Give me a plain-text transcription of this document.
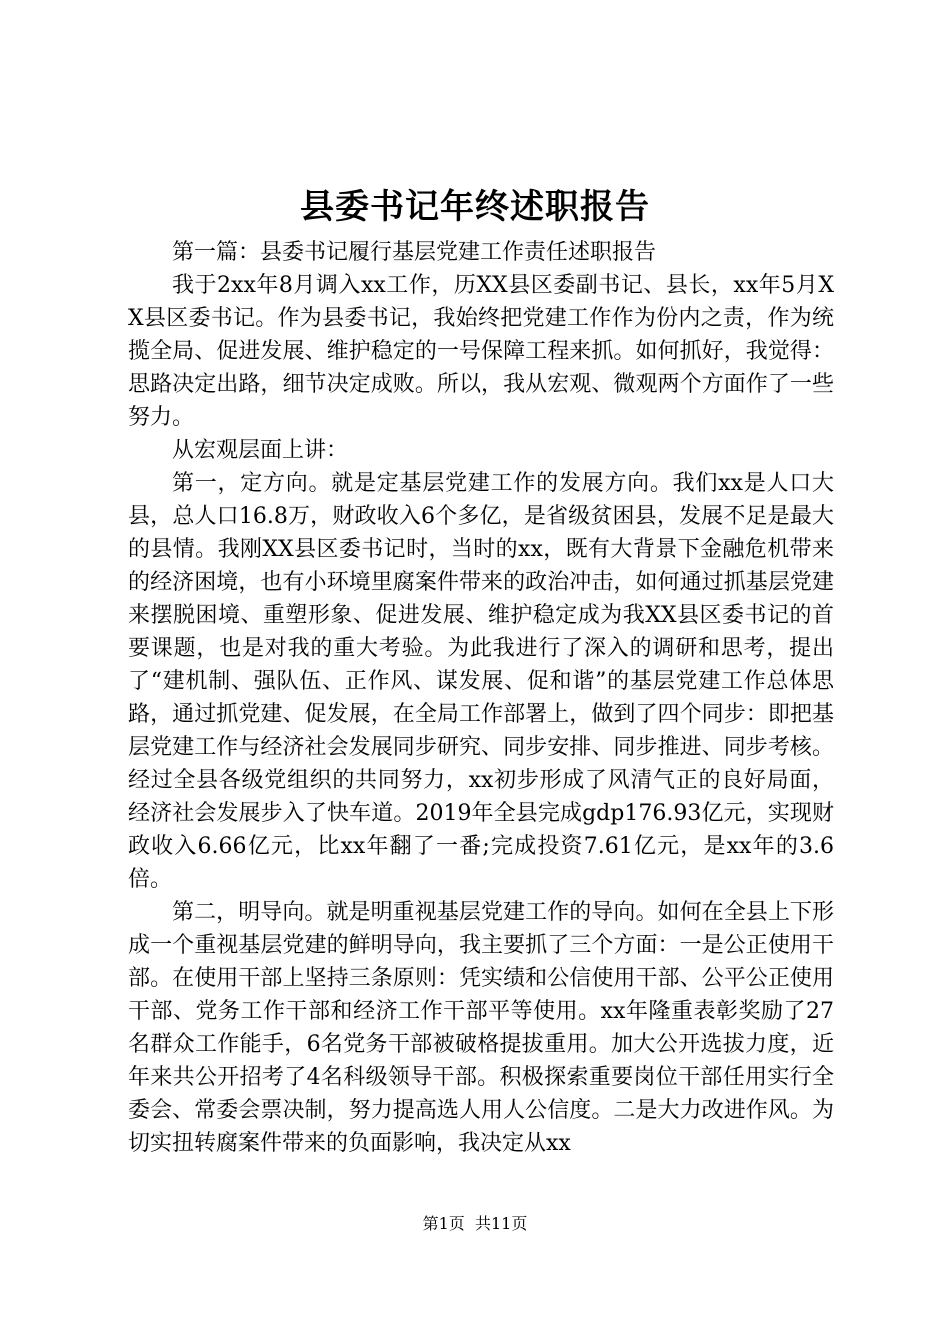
县委书记年终述职报告

第一篇：县委书记履行基层党建工作责任述职报告

我于2xx年8月调入xx工作，历XX县区委副书记、县长，xx年5月XX县区委书记。作为县委书记，我始终把党建工作作为份内之责，作为统揽全局、促进发展、维护稳定的一号保障工程来抓。如何抓好，我觉得：思路决定出路，细节决定成败。所以，我从宏观、微观两个方面作了一些努力。

从宏观层面上讲：

第一，定方向。就是定基层党建工作的发展方向。我们xx是人口大县，总人口16.8万，财政收入6个多亿，是省级贫困县，发展不足是最大的县情。我刚XX县区委书记时，当时的xx，既有大背景下金融危机带来的经济困境，也有小环境里腐案件带来的政治冲击，如何通过抓基层党建来摆脱困境、重塑形象、促进发展、维护稳定成为我XX县区委书记的首要课题，也是对我的重大考验。为此我进行了深入的调研和思考，提出了“建机制、强队伍、正作风、谋发展、促和谐”的基层党建工作总体思路，通过抓党建、促发展，在全局工作部署上，做到了四个同步：即把基层党建工作与经济社会发展同步研究、同步安排、同步推进、同步考核。经过全县各级党组织的共同努力，xx初步形成了风清气正的良好局面，经济社会发展步入了快车道。2019年全县完成gdp176.93亿元，实现财政收入6.66亿元，比xx年翻了一番;完成投资7.61亿元，是xx年的3.6倍。

第二，明导向。就是明重视基层党建工作的导向。如何在全县上下形成一个重视基层党建的鲜明导向，我主要抓了三个方面：一是公正使用干部。在使用干部上坚持三条原则：凭实绩和公信使用干部、公平公正使用干部、党务工作干部和经济工作干部平等使用。xx年隆重表彰奖励了27名群众工作能手，6名党务干部被破格提拔重用。加大公开选拔力度，近年来共公开招考了4名科级领导干部。积极探索重要岗位干部任用实行全委会、常委会票决制，努力提高选人用人公信度。二是大力改进作风。为切实扭转腐案件带来的负面影响，我决定从xx

第1页 共11页
